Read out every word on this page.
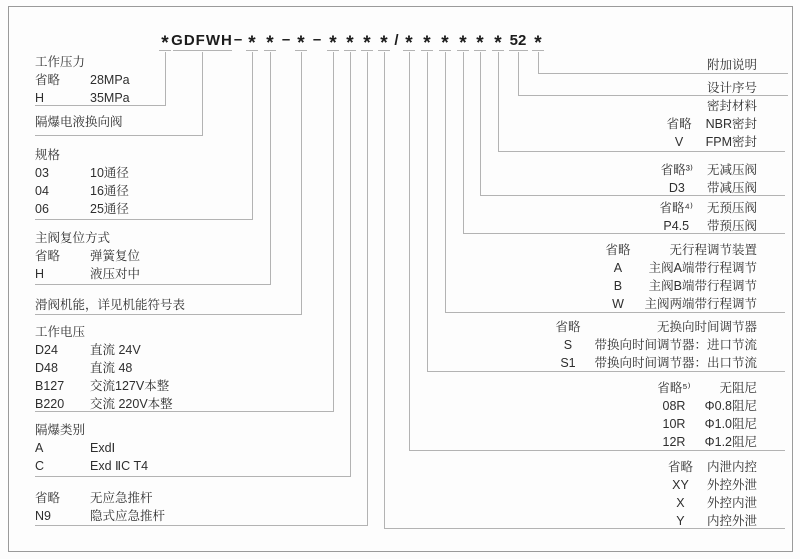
* GDFWH – * * – * – * * * * / * * * * * * 52 *
工作压力
省略 28MPa
H	35MPa
隔爆电液换向阀
规格
03	10通径
04	16通径
06	25通径
主阀复位方式
省略 弹簧复位
H	液压对中
滑阀机能，详见机能符号表
工作电压
D24	直流 24V
D48	直流 48
B127 交流127V本整
B220 交流 220V本整
隔爆类别
A	ExdⅠ
C	Exd ⅡC T4
省略 无应急推杆
N9	隐式应急推杆
附加说明
设计序号
密封材料
省略 NBR密封
V FPM密封
省略³⁾ 无减压阀
D3 带减压阀
省略⁴⁾ 无预压阀
P4.5 带预压阀
省略	无行程调节装置
A 主阀A端带行程调节
B 主阀B端带行程调节
W 主阀两端带行程调节
省略	无换向时间调节器
S 带换向时间调节器：进口节流
S1 带换向时间调节器：出口节流
省略⁵⁾ 无阻尼
08R Φ0.8阻尼
10R Φ1.0阻尼
12R Φ1.2阻尼
省略 内泄内控
XY 外控外泄
X 外控内泄
Y 内控外泄
